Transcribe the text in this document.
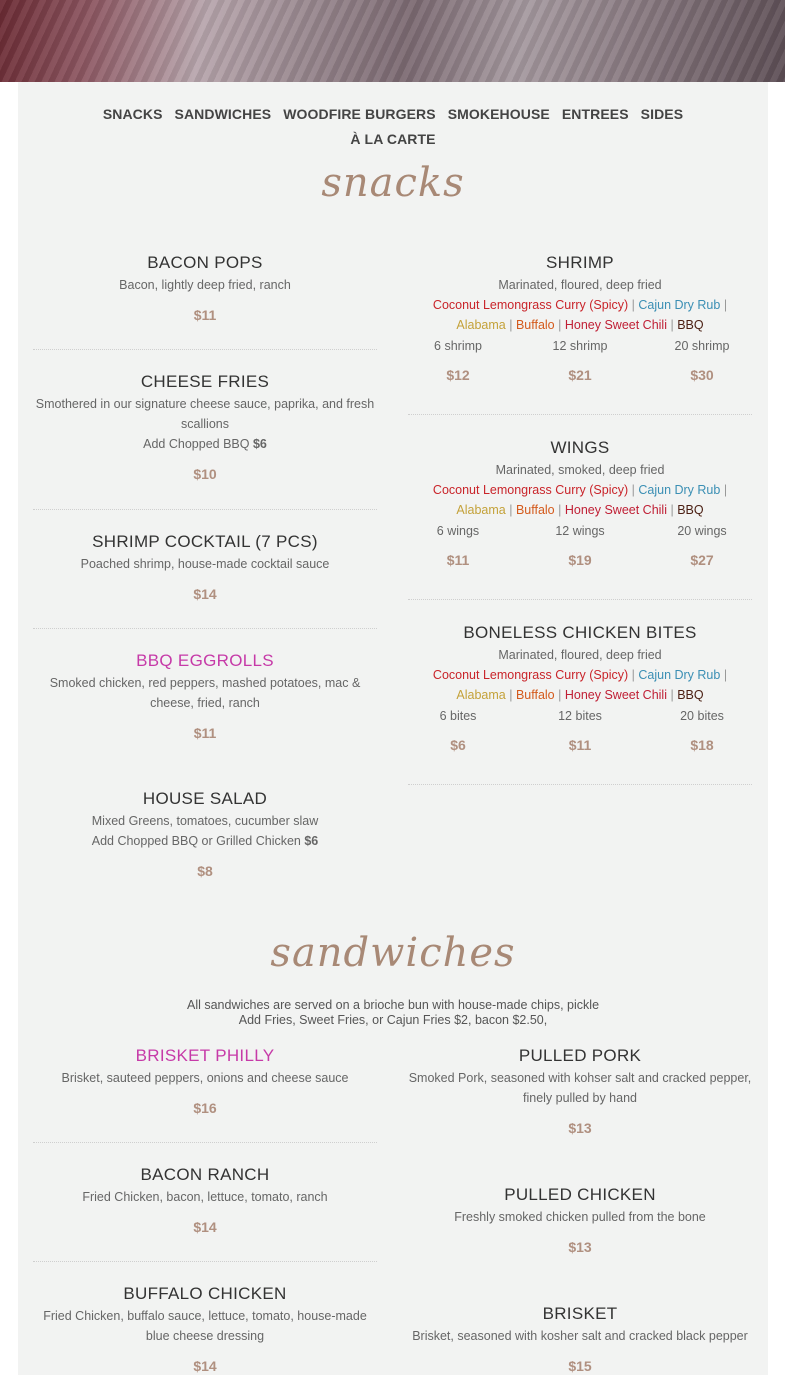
SNACKS SANDWICHES WOODFIRE BURGERS SMOKEHOUSE ENTREES SIDES
À LA CARTE
snacks
BACON POPS
Bacon, lightly deep fried, ranch
$11
CHEESE FRIES
Smothered in our signature cheese sauce, paprika, and fresh scallions
Add Chopped BBQ $6
$10
SHRIMP COCKTAIL (7 PCS)
Poached shrimp, house-made cocktail sauce
$14
BBQ EGGROLLS
Smoked chicken, red peppers, mashed potatoes, mac & cheese, fried, ranch
$11
HOUSE SALAD
Mixed Greens, tomatoes, cucumber slaw
Add Chopped BBQ or Grilled Chicken $6
$8
SHRIMP
Marinated, floured, deep fried
Coconut Lemongrass Curry (Spicy) | Cajun Dry Rub |
Alabama | Buffalo | Honey Sweet Chili | BBQ
6 shrimp	12 shrimp	20 shrimp
$12	$21	$30
WINGS
Marinated, smoked, deep fried
Coconut Lemongrass Curry (Spicy) | Cajun Dry Rub |
Alabama | Buffalo | Honey Sweet Chili | BBQ
6 wings	12 wings	20 wings
$11	$19	$27
BONELESS CHICKEN BITES
Marinated, floured, deep fried
Coconut Lemongrass Curry (Spicy) | Cajun Dry Rub |
Alabama | Buffalo | Honey Sweet Chili | BBQ
6 bites	12 bites	20 bites
$6	$11	$18
sandwiches
All sandwiches are served on a brioche bun with house-made chips, pickle
Add Fries, Sweet Fries, or Cajun Fries $2, bacon $2.50,
BRISKET PHILLY
Brisket, sauteed peppers, onions and cheese sauce
$16
BACON RANCH
Fried Chicken, bacon, lettuce, tomato, ranch
$14
BUFFALO CHICKEN
Fried Chicken, buffalo sauce, lettuce, tomato, house-made blue cheese dressing
$14
PULLED PORK
Smoked Pork, seasoned with kohser salt and cracked pepper, finely pulled by hand
$13
PULLED CHICKEN
Freshly smoked chicken pulled from the bone
$13
BRISKET
Brisket, seasoned with kosher salt and cracked black pepper
$15
